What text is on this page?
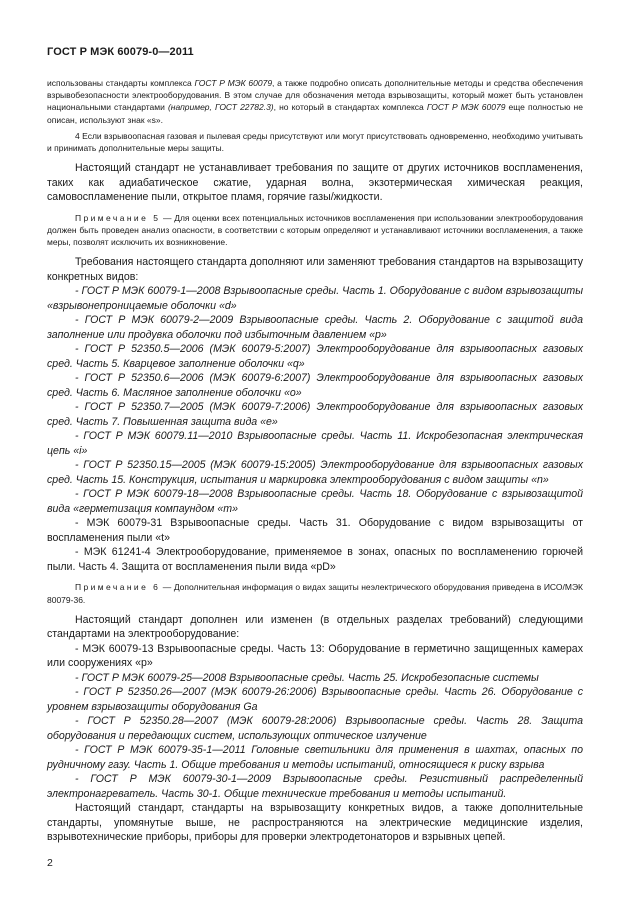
ГОСТ Р МЭК 60079-0—2011

использованы стандарты комплекса ГОСТ Р МЭК 60079, а также подробно описать дополнительные методы и средства обеспечения взрывобезопасности электрооборудования. В этом случае для обозначения метода взрывозащиты, который может быть установлен национальными стандартами (например, ГОСТ 22782.3), но который в стандартах комплекса ГОСТ Р МЭК 60079 еще полностью не описан, используют знак «s».

4 Если взрывоопасная газовая и пылевая среды присутствуют или могут присутствовать одновременно, необходимо учитывать и принимать дополнительные меры защиты.

Настоящий стандарт не устанавливает требования по защите от других источников воспламенения, таких как адиабатическое сжатие, ударная волна, экзотермическая химическая реакция, самовоспламенение пыли, открытое пламя, горячие газы/жидкости.

Примечание 5 — Для оценки всех потенциальных источников воспламенения при использовании электрооборудования должен быть проведен анализ опасности, в соответствии с которым определяют и устанавливают источники воспламенения, а также меры, позволят исключить их возникновение.

Требования настоящего стандарта дополняют или заменяют требования стандартов на взрывозащиту конкретных видов:

- ГОСТ Р МЭК 60079-1—2008 Взрывоопасные среды. Часть 1. Оборудование с видом взрывозащиты «взрывонепроницаемые оболочки «d»

- ГОСТ Р МЭК 60079-2—2009 Взрывоопасные среды. Часть 2. Оборудование с защитой вида заполнение или продувка оболочки под избыточным давлением «р»

- ГОСТ Р 52350.5—2006 (МЭК 60079-5:2007) Электрооборудование для взрывоопасных газовых сред. Часть 5. Кварцевое заполнение оболочки «q»

- ГОСТ Р 52350.6—2006 (МЭК 60079-6:2007) Электрооборудование для взрывоопасных газовых сред. Часть 6. Масляное заполнение оболочки «о»

- ГОСТ Р 52350.7—2005 (МЭК 60079-7:2006) Электрооборудование для взрывоопасных газовых сред. Часть 7. Повышенная защита вида «е»

- ГОСТ Р МЭК 60079.11—2010 Взрывоопасные среды. Часть 11. Искробезопасная электрическая цепь «i»

- ГОСТ Р 52350.15—2005 (МЭК 60079-15:2005) Электрооборудование для взрывоопасных газовых сред. Часть 15. Конструкция, испытания и маркировка электрооборудования с видом защиты «n»

- ГОСТ Р МЭК 60079-18—2008 Взрывоопасные среды. Часть 18. Оборудование с взрывозащитой вида «герметизация компаундом «m»

- МЭК 60079-31 Взрывоопасные среды. Часть 31. Оборудование с видом взрывозащиты от воспламенения пыли «t»

- МЭК 61241-4 Электрооборудование, применяемое в зонах, опасных по воспламенению горючей пыли. Часть 4. Защита от воспламенения пыли вида «pD»

Примечание 6 — Дополнительная информация о видах защиты неэлектрического оборудования приведена в ИСО/МЭК 80079-36.

Настоящий стандарт дополнен или изменен (в отдельных разделах требований) следующими стандартами на электрооборудование:

- МЭК 60079-13 Взрывоопасные среды. Часть 13: Оборудование в герметично защищенных камерах или сооружениях «р»

- ГОСТ Р МЭК 60079-25—2008 Взрывоопасные среды. Часть 25. Искробезопасные системы

- ГОСТ Р 52350.26—2007 (МЭК 60079-26:2006) Взрывоопасные среды. Часть 26. Оборудование с уровнем взрывозащиты оборудования Ga

- ГОСТ Р 52350.28—2007 (МЭК 60079-28:2006) Взрывоопасные среды. Часть 28. Защита оборудования и передающих систем, использующих оптическое излучение

- ГОСТ Р МЭК 60079-35-1—2011 Головные светильники для применения в шахтах, опасных по рудничному газу. Часть 1. Общие требования и методы испытаний, относящиеся к риску взрыва

- ГОСТ Р МЭК 60079-30-1—2009 Взрывоопасные среды. Резистивный распределенный электронагреватель. Часть 30-1. Общие технические требования и методы испытаний.

Настоящий стандарт, стандарты на взрывозащиту конкретных видов, а также дополнительные стандарты, упомянутые выше, не распространяются на электрические медицинские изделия, взрывотехнические приборы, приборы для проверки электродетонаторов и взрывных цепей.

2
